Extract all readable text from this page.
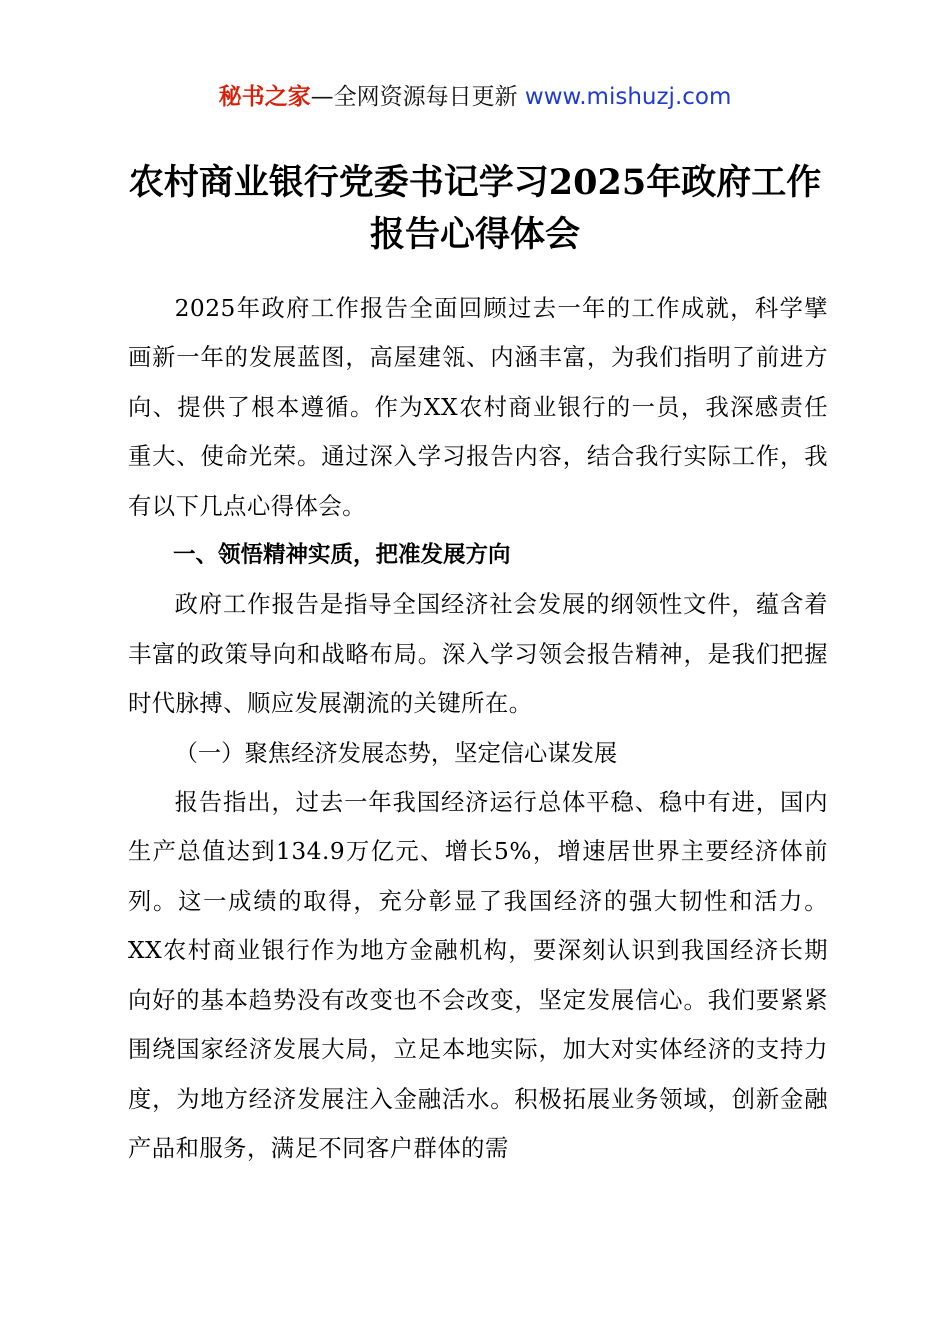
秘书之家—全网资源每日更新 www.mishuzj.com
农村商业银行党委书记学习2025年政府工作
报告心得体会

2025年政府工作报告全面回顾过去一年的工作成就，科学擘画新一年的发展蓝图，高屋建瓴、内涵丰富，为我们指明了前进方向、提供了根本遵循。作为XX农村商业银行的一员，我深感责任重大、使命光荣。通过深入学习报告内容，结合我行实际工作，我有以下几点心得体会。

一、领悟精神实质，把准发展方向

政府工作报告是指导全国经济社会发展的纲领性文件，蕴含着丰富的政策导向和战略布局。深入学习领会报告精神，是我们把握时代脉搏、顺应发展潮流的关键所在。

（一）聚焦经济发展态势，坚定信心谋发展

报告指出，过去一年我国经济运行总体平稳、稳中有进，国内生产总值达到134.9万亿元、增长5%，增速居世界主要经济体前列。这一成绩的取得，充分彰显了我国经济的强大韧性和活力。XX农村商业银行作为地方金融机构，要深刻认识到我国经济长期向好的基本趋势没有改变也不会改变，坚定发展信心。我们要紧紧围绕国家经济发展大局，立足本地实际，加大对实体经济的支持力度，为地方经济发展注入金融活水。积极拓展业务领域，创新金融产品和服务，满足不同客户群体的需
